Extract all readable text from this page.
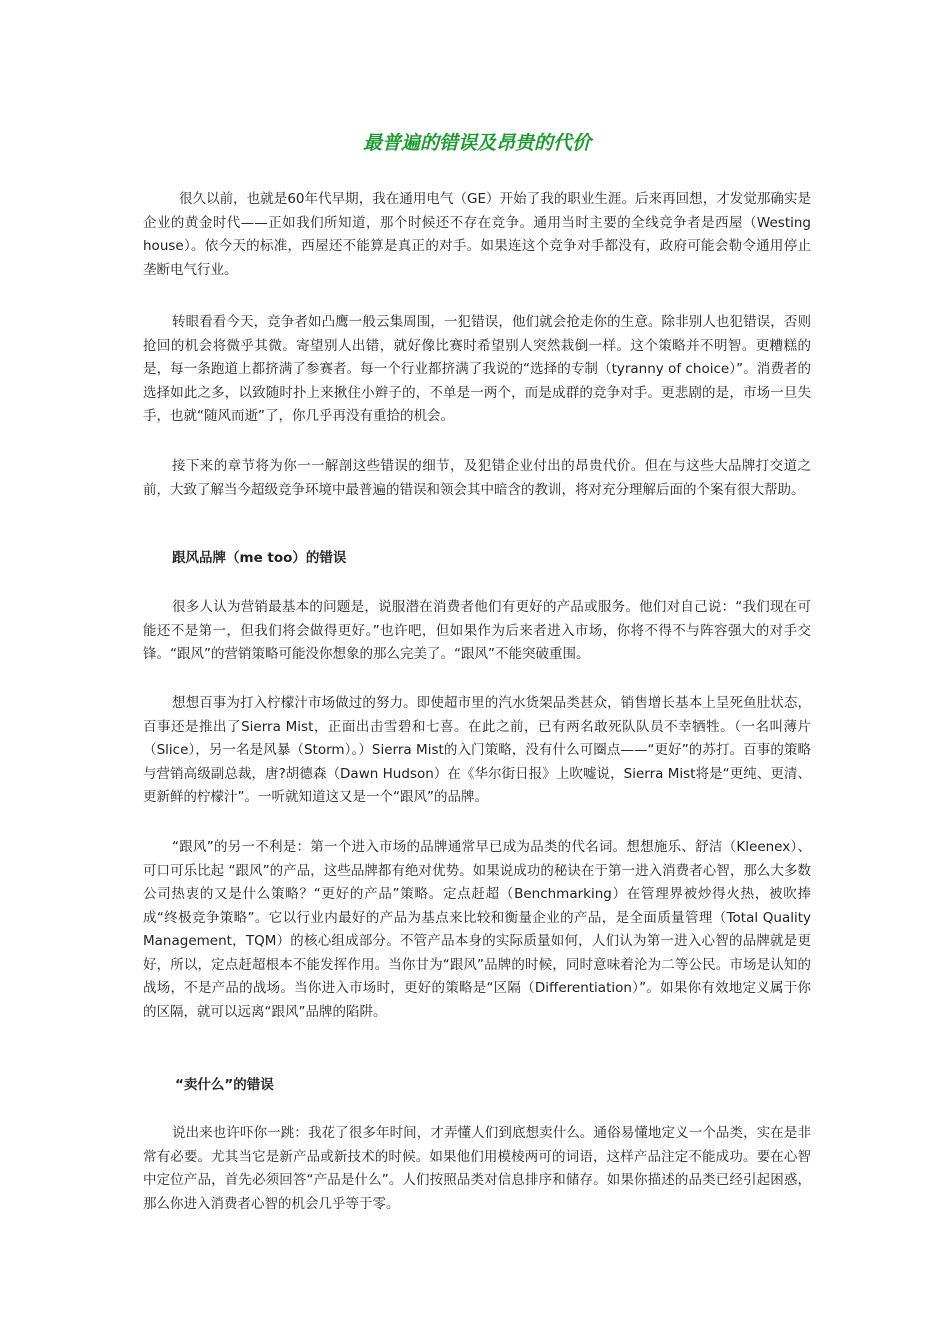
最普遍的错误及昂贵的代价

很久以前，也就是60年代早期，我在通用电气（GE）开始了我的职业生涯。后来再回想，才发觉那确实是企业的黄金时代——正如我们所知道，那个时候还不存在竞争。通用当时主要的全线竞争者是西屋（Westing house）。依今天的标准，西屋还不能算是真正的对手。如果连这个竞争对手都没有，政府可能会勒令通用停止垄断电气行业。

转眼看看今天，竞争者如凸鹰一般云集周围，一犯错误，他们就会抢走你的生意。除非别人也犯错误，否则抢回的机会将微乎其微。寄望别人出错，就好像比赛时希望别人突然栽倒一样。这个策略并不明智。更糟糕的是，每一条跑道上都挤满了参赛者。每一个行业都挤满了我说的“选择的专制（tyranny of choice）”。消费者的选择如此之多，以致随时扑上来揪住小辫子的，不单是一两个，而是成群的竞争对手。更悲剧的是，市场一旦失手，也就“随风而逝”了，你几乎再没有重拾的机会。

接下来的章节将为你一一解剖这些错误的细节，及犯错企业付出的昂贵代价。但在与这些大品牌打交道之前，大致了解当今超级竞争环境中最普遍的错误和领会其中暗含的教训，将对充分理解后面的个案有很大帮助。

跟风品牌（me too）的错误

很多人认为营销最基本的问题是，说服潜在消费者他们有更好的产品或服务。他们对自己说：“我们现在可能还不是第一，但我们将会做得更好。”也许吧，但如果作为后来者进入市场，你将不得不与阵容强大的对手交锋。“跟风”的营销策略可能没你想象的那么完美了。“跟风”不能突破重围。

想想百事为打入柠檬汁市场做过的努力。即使超市里的汽水货架品类甚众，销售增长基本上呈死鱼肚状态，百事还是推出了Sierra Mist，正面出击雪碧和七喜。在此之前，已有两名敢死队队员不幸牺牲。（一名叫薄片（Slice），另一名是风暴（Storm）。）Sierra Mist的入门策略，没有什么可圈点——“更好”的苏打。百事的策略与营销高级副总裁，唐?胡德森（Dawn Hudson）在《华尔街日报》上吹嘘说，Sierra Mist将是“更纯、更清、更新鲜的柠檬汁”。一听就知道这又是一个“跟风”的品牌。

“跟风”的另一不利是：第一个进入市场的品牌通常早已成为品类的代名词。想想施乐、舒洁（Kleenex）、可口可乐比起 “跟风”的产品，这些品牌都有绝对优势。如果说成功的秘诀在于第一进入消费者心智，那么大多数公司热衷的又是什么策略？“更好的产品”策略。定点赶超（Benchmarking）在管理界被炒得火热，被吹捧成“终极竞争策略”。它以行业内最好的产品为基点来比较和衡量企业的产品，是全面质量管理（Total Quality Management，TQM）的核心组成部分。不管产品本身的实际质量如何，人们认为第一进入心智的品牌就是更好，所以，定点赶超根本不能发挥作用。当你甘为“跟风”品牌的时候，同时意味着沦为二等公民。市场是认知的战场，不是产品的战场。当你进入市场时，更好的策略是“区隔（Differentiation）”。如果你有效地定义属于你的区隔，就可以远离“跟风”品牌的陷阱。

“卖什么”的错误

说出来也许吓你一跳：我花了很多年时间，才弄懂人们到底想卖什么。通俗易懂地定义一个品类，实在是非常有必要。尤其当它是新产品或新技术的时候。如果他们用模棱两可的词语，这样产品注定不能成功。要在心智中定位产品，首先必须回答“产品是什么”。人们按照品类对信息排序和储存。如果你描述的品类已经引起困惑，那么你进入消费者心智的机会几乎等于零。
